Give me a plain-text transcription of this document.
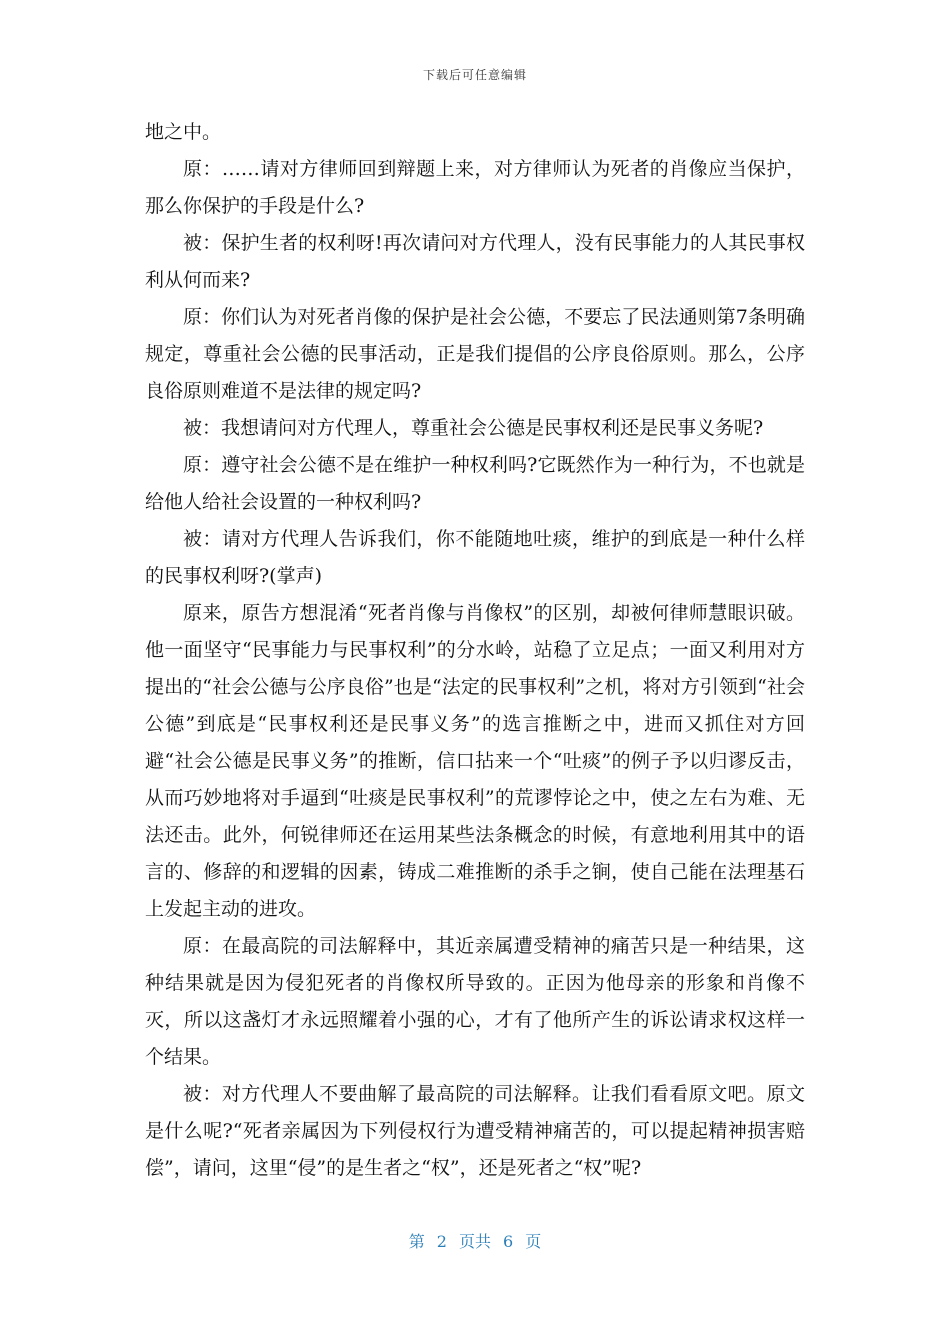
下载后可任意编辑

地之中。

原：……请对方律师回到辩题上来，对方律师认为死者的肖像应当保护，那么你保护的手段是什么?

被：保护生者的权利呀!再次请问对方代理人，没有民事能力的人其民事权利从何而来?

原：你们认为对死者肖像的保护是社会公德，不要忘了民法通则第7条明确规定，尊重社会公德的民事活动，正是我们提倡的公序良俗原则。那么，公序良俗原则难道不是法律的规定吗?

被：我想请问对方代理人，尊重社会公德是民事权利还是民事义务呢?

原：遵守社会公德不是在维护一种权利吗?它既然作为一种行为，不也就是给他人给社会设置的一种权利吗?

被：请对方代理人告诉我们，你不能随地吐痰，维护的到底是一种什么样的民事权利呀?(掌声)

原来，原告方想混淆“死者肖像与肖像权”的区别，却被何律师慧眼识破。他一面坚守“民事能力与民事权利”的分水岭，站稳了立足点；一面又利用对方提出的“社会公德与公序良俗”也是“法定的民事权利”之机，将对方引领到“社会公德”到底是“民事权利还是民事义务”的选言推断之中，进而又抓住对方回避“社会公德是民事义务”的推断，信口拈来一个“吐痰”的例子予以归谬反击，从而巧妙地将对手逼到“吐痰是民事权利”的荒谬悖论之中，使之左右为难、无法还击。此外，何锐律师还在运用某些法条概念的时候，有意地利用其中的语言的、修辞的和逻辑的因素，铸成二难推断的杀手之锏，使自己能在法理基石上发起主动的进攻。

原：在最高院的司法解释中，其近亲属遭受精神的痛苦只是一种结果，这种结果就是因为侵犯死者的肖像权所导致的。正因为他母亲的形象和肖像不灭，所以这盏灯才永远照耀着小强的心，才有了他所产生的诉讼请求权这样一个结果。

被：对方代理人不要曲解了最高院的司法解释。让我们看看原文吧。原文是什么呢?“死者亲属因为下列侵权行为遭受精神痛苦的，可以提起精神损害赔偿”，请问，这里“侵”的是生者之“权”，还是死者之“权”呢?

第 2 页共 6 页
